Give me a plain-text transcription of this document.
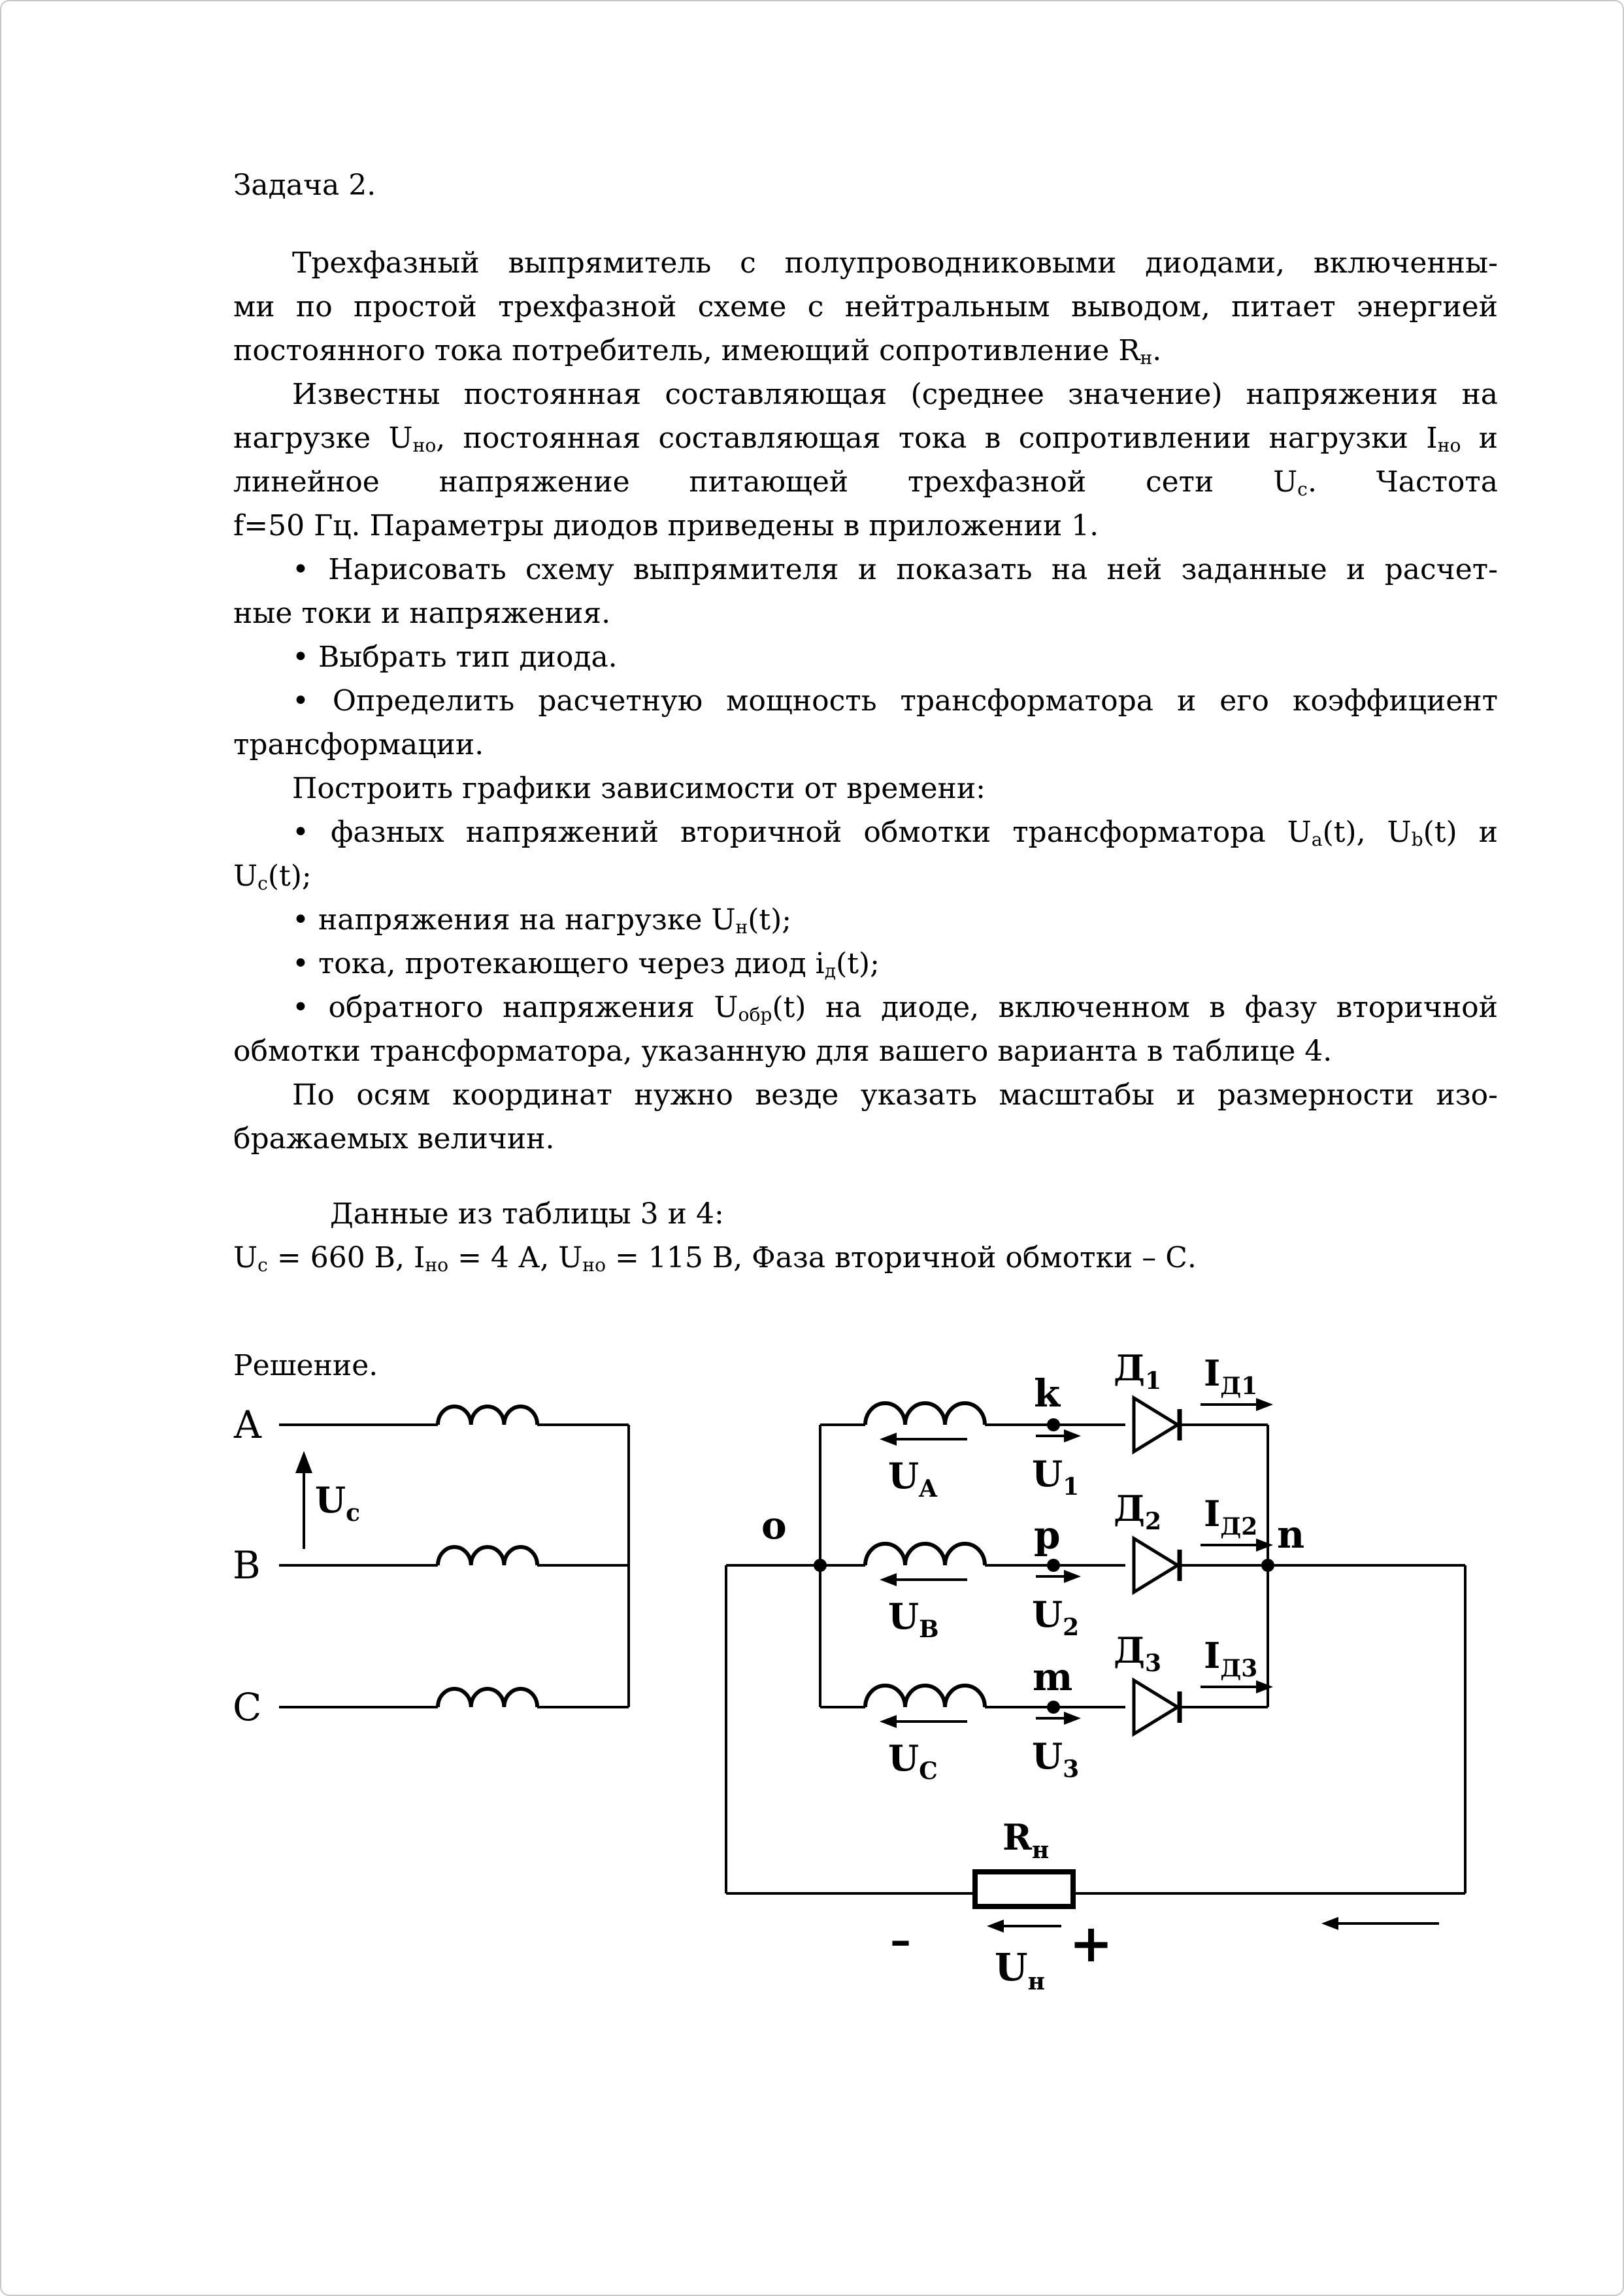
Задача 2.
Трехфазный выпрямитель с полупроводниковыми диодами, включенны-
ми по простой трехфазной схеме с нейтральным выводом, питает энергией
постоянного тока потребитель, имеющий сопротивление $R_н$.
Известны постоянная составляющая (среднее значение) напряжения на
нагрузке $U_{но}$, постоянная составляющая тока в сопротивлении нагрузки $I_{но}$ и
линейное напряжение питающей трехфазной сети $U_c$. Частота
f=50 Гц. Параметры диодов приведены в приложении 1.
• Нарисовать схему выпрямителя и показать на ней заданные и расчет-
ные токи и напряжения.
• Выбрать тип диода.
• Определить расчетную мощность трансформатора и его коэффициент
трансформации.
Построить графики зависимости от времени:
• фазных напряжений вторичной обмотки трансформатора $U_a(t)$, $U_b(t)$ и
$U_c(t)$;
• напряжения на нагрузке $U_н(t)$;
• тока, протекающего через диод $i_д(t)$;
• обратного напряжения $U_{обр}(t)$ на диоде, включенном в фазу вторичной
обмотки трансформатора, указанную для вашего варианта в таблице 4.
По осям координат нужно везде указать масштабы и размерности изо-
бражаемых величин.
Данные из таблицы 3 и 4:
$U_c = 660$ В, $I_{но} = 4$ А, $U_{но} = 115$ В, Фаза вторичной обмотки – С.
Решение.
A
B
C
$U_c$
k
$U_A$	$U_1$
$Д_1$ $I_{Д1}$
p
$U_B$	$U_2$
$Д_2$ $I_{Д2}$
m
$U_C$	$U_3$
$Д_3$ $I_{Д3}$
n
o
$R_н$
–	+
$U_н$
